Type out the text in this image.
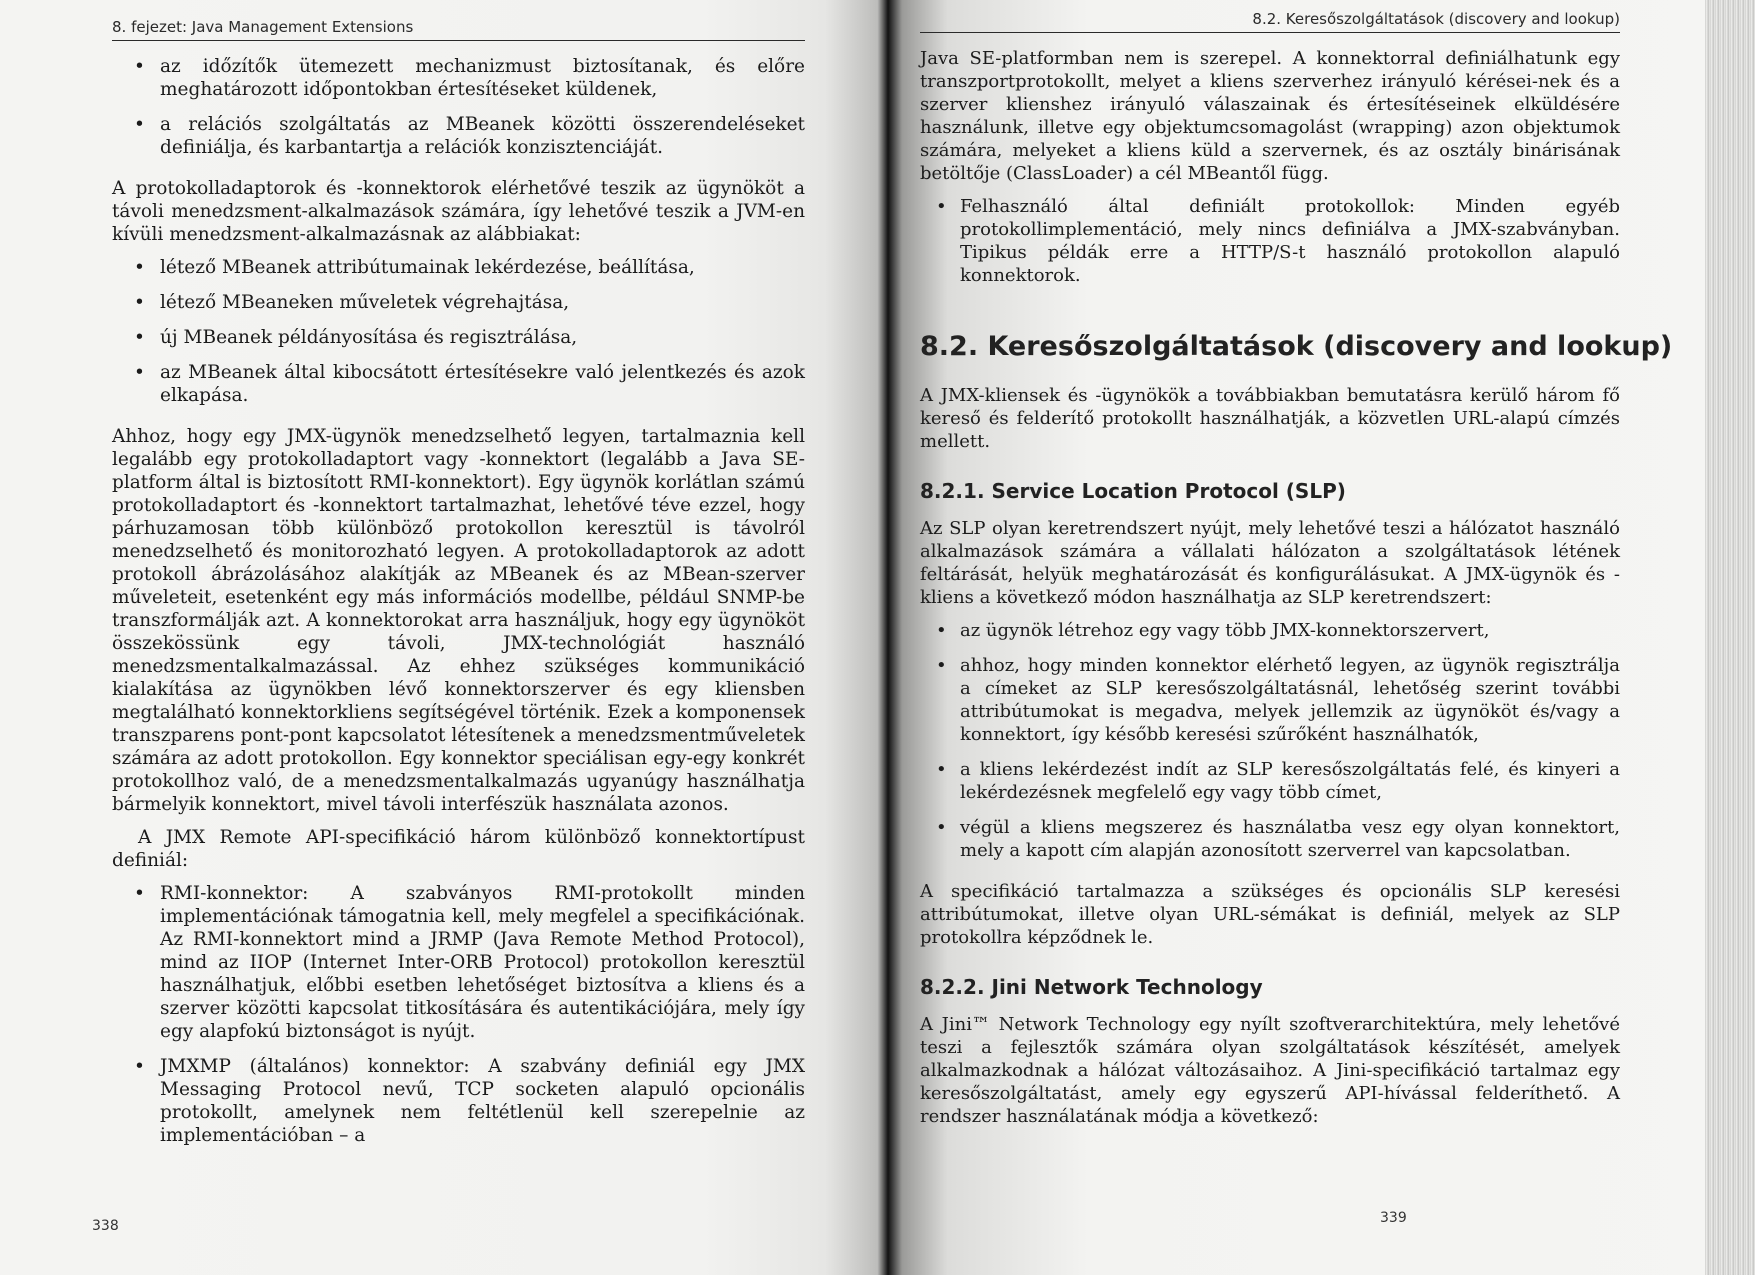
8. fejezet: Java Management Extensions
• az időzítők ütemezett mechanizmust biztosítanak, és előre meghatározott időpontokban értesítéseket küldenek,
• a relációs szolgáltatás az MBeanek közötti összerendeléseket definiálja, és karbantartja a relációk konzisztenciáját.

A protokolladaptorok és -konnektorok elérhetővé teszik az ügynököt a távoli menedzsment-alkalmazások számára, így lehetővé teszik a JVM-en kívüli menedzsment-alkalmazásnak az alábbiakat:

• létező MBeanek attribútumainak lekérdezése, beállítása,
• létező MBeaneken műveletek végrehajtása,
• új MBeanek példányosítása és regisztrálása,
• az MBeanek által kibocsátott értesítésekre való jelentkezés és azok elkapása.

Ahhoz, hogy egy JMX-ügynök menedzselhető legyen, tartalmaznia kell legalább egy protokolladaptort vagy -konnektort (legalább a Java SE-platform által is biztosított RMI-konnektort). Egy ügynök korlátlan számú protokolladaptort és -konnektort tartalmazhat, lehetővé téve ezzel, hogy párhuzamosan több különböző protokollon keresztül is távolról menedzselhető és monitorozható legyen. A protokolladaptorok az adott protokoll ábrázolásához alakítják az MBeanek és az MBean-szerver műveleteit, esetenként egy más információs modellbe, például SNMP-be transzformálják azt. A konnektorokat arra használjuk, hogy egy ügynököt összekössünk egy távoli, JMX-technológiát használó menedzsmentalkalmazással. Az ehhez szükséges kommunikáció kialakítása az ügynökben lévő konnektorszerver és egy kliensben megtalálható konnektorkliens segítségével történik. Ezek a komponensek transzparens pont-pont kapcsolatot létesítenek a menedzsmentműveletek számára az adott protokollon. Egy konnektor speciálisan egy-egy konkrét protokollhoz való, de a menedzsmentalkalmazás ugyanúgy használhatja bármelyik konnektort, mivel távoli interfészük használata azonos.

A JMX Remote API-specifikáció három különböző konnektortípust definiál:

• RMI-konnektor: A szabványos RMI-protokollt minden implementációnak támogatnia kell, mely megfelel a specifikációnak. Az RMI-konnektort mind a JRMP (Java Remote Method Protocol), mind az IIOP (Internet Inter-ORB Protocol) protokollon keresztül használhatjuk, előbbi esetben lehetőséget biztosítva a kliens és a szerver közötti kapcsolat titkosítására és autentikációjára, mely így egy alapfokú biztonságot is nyújt.
• JMXMP (általános) konnektor: A szabvány definiál egy JMX Messaging Protocol nevű, TCP socketen alapuló opcionális protokollt, amelynek nem feltétlenül kell szerepelnie az implementációban – a
338
8.2. Keresőszolgáltatások (discovery and lookup)

Java SE-platformban nem is szerepel. A konnektorral definiálhatunk egy transzportprotokollt, melyet a kliens szerverhez irányuló kérései-nek és a szerver klienshez irányuló válaszainak és értesítéseinek elküldésére használunk, illetve egy objektumcsomagolást (wrapping) azon objektumok számára, melyeket a kliens küld a szervernek, és az osztály binárisának betöltője (ClassLoader) a cél MBeantől függ.

• Felhasználó által definiált protokollok: Minden egyéb protokollimplementáció, mely nincs definiálva a JMX-szabványban. Tipikus példák erre a HTTP/S-t használó protokollon alapuló konnektorok.
8.2. Keresőszolgáltatások (discovery and lookup)

A JMX-kliensek és -ügynökök a továbbiakban bemutatásra kerülő három fő kereső és felderítő protokollt használhatják, a közvetlen URL-alapú címzés mellett.

8.2.1. Service Location Protocol (SLP)

Az SLP olyan keretrendszert nyújt, mely lehetővé teszi a hálózatot használó alkalmazások számára a vállalati hálózaton a szolgáltatások létének feltárását, helyük meghatározását és konfigurálásukat. A JMX-ügynök és -kliens a következő módon használhatja az SLP keretrendszert:

• az ügynök létrehoz egy vagy több JMX-konnektorszervert,
• ahhoz, hogy minden konnektor elérhető legyen, az ügynök regisztrálja a címeket az SLP keresőszolgáltatásnál, lehetőség szerint további attribútumokat is megadva, melyek jellemzik az ügynököt és/vagy a konnektort, így később keresési szűrőként használhatók,
• a kliens lekérdezést indít az SLP keresőszolgáltatás felé, és kinyeri a lekérdezésnek megfelelő egy vagy több címet,
• végül a kliens megszerez és használatba vesz egy olyan konnektort, mely a kapott cím alapján azonosított szerverrel van kapcsolatban.

A specifikáció tartalmazza a szükséges és opcionális SLP keresési attribútumokat, illetve olyan URL-sémákat is definiál, melyek az SLP protokollra képződnek le.

8.2.2. Jini Network Technology

A Jini™ Network Technology egy nyílt szoftverarchitektúra, mely lehetővé teszi a fejlesztők számára olyan szolgáltatások készítését, amelyek alkalmazkodnak a hálózat változásaihoz. A Jini-specifikáció tartalmaz egy keresőszolgáltatást, amely egy egyszerű API-hívással felderíthető. A rendszer használatának módja a következő:

339
